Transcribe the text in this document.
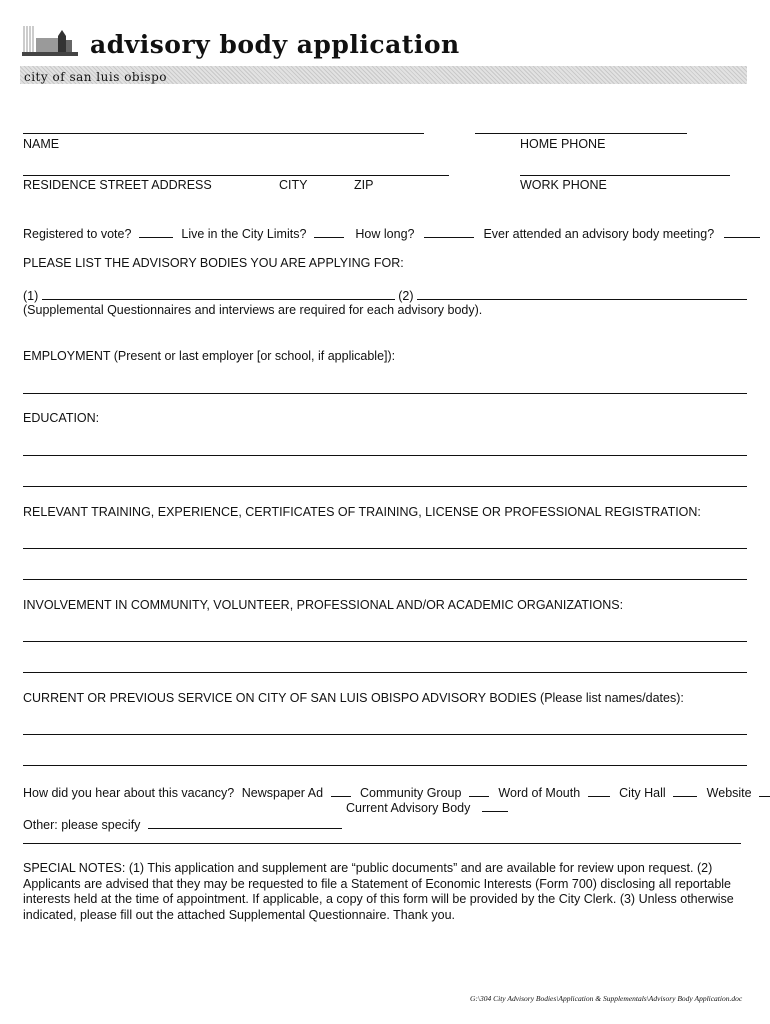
advisory body application
city of san luis obispo
NAME	HOME PHONE
RESIDENCE STREET ADDRESS	CITY	ZIP	WORK PHONE
Registered to vote?	Live in the City Limits?	How long?	Ever attended an advisory body meeting?
PLEASE LIST THE ADVISORY BODIES YOU ARE APPLYING FOR:
(1)	(2)
(Supplemental Questionnaires and interviews are required for each advisory body).
EMPLOYMENT (Present or last employer [or school, if applicable]):
EDUCATION:
RELEVANT TRAINING, EXPERIENCE, CERTIFICATES OF TRAINING, LICENSE OR PROFESSIONAL REGISTRATION:
INVOLVEMENT IN COMMUNITY, VOLUNTEER, PROFESSIONAL AND/OR ACADEMIC ORGANIZATIONS:
CURRENT OR PREVIOUS SERVICE ON CITY OF SAN LUIS OBISPO ADVISORY BODIES (Please list names/dates):
How did you hear about this vacancy? Newspaper Ad	Community Group	Word of Mouth	City Hall	Website
Current Advisory Body
Other: please specify
SPECIAL NOTES: (1) This application and supplement are “public documents” and are available for review upon request. (2) Applicants are advised that they may be requested to file a Statement of Economic Interests (Form 700) disclosing all reportable interests held at the time of appointment. If applicable, a copy of this form will be provided by the City Clerk. (3) Unless otherwise indicated, please fill out the attached Supplemental Questionnaire. Thank you.
G:\304 City Advisory Bodies\Application & Supplementals\Advisory Body Application.doc
